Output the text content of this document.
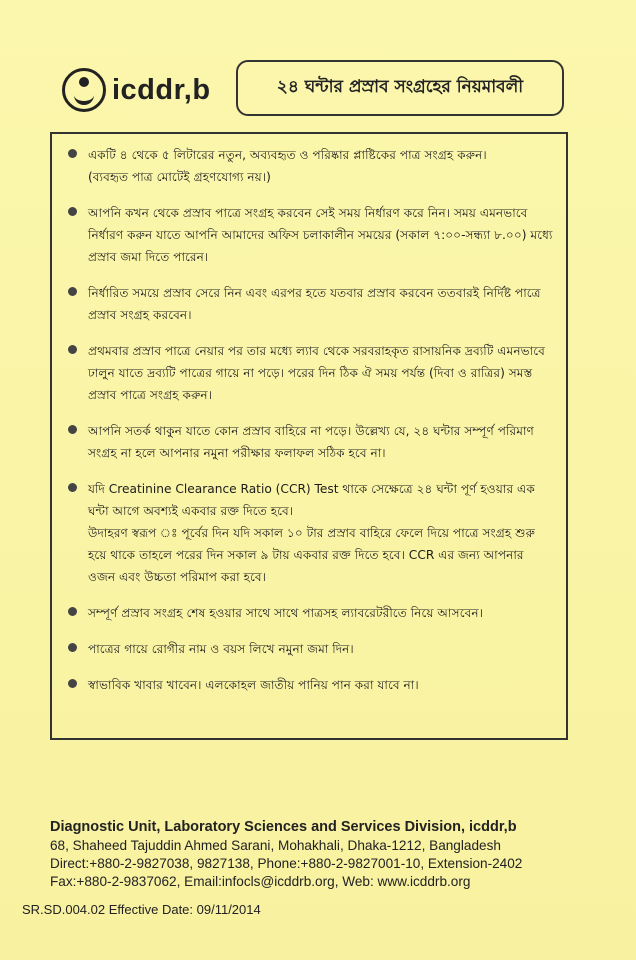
icddr,b	২৪ ঘন্টার প্রস্রাব সংগ্রহের নিয়মাবলী
একটি ৪ থেকে ৫ লিটারের নতুন, অব্যবহৃত ও পরিষ্কার প্লাষ্টিকের পাত্র সংগ্রহ করুন।
(ব্যবহৃত পাত্র মোটেই গ্রহণযোগ্য নয়।)
আপনি কখন থেকে প্রস্রাব পাত্রে সংগ্রহ করবেন সেই সময় নির্ধারণ করে নিন। সময় এমনভাবে নির্ধারণ করুন যাতে আপনি আমাদের অফিস চলাকালীন সময়ের (সকাল ৭:০০-সন্ধ্যা ৮.০০) মধ্যে প্রস্রাব জমা দিতে পারেন।
নির্ধারিত সময়ে প্রস্রাব সেরে নিন এবং এরপর হতে যতবার প্রস্রাব করবেন ততবারই নির্দিষ্ট পাত্রে প্রস্রাব সংগ্রহ করবেন।
প্রথমবার প্রস্রাব পাত্রে নেয়ার পর তার মধ্যে ল্যাব থেকে সরবরাহকৃত রাসায়নিক দ্রব্যটি এমনভাবে ঢালুন যাতে দ্রব্যটি পাত্রের গায়ে না পড়ে। পরের দিন ঠিক ঐ সময় পর্যন্ত (দিবা ও রাত্রির) সমস্ত প্রস্রাব পাত্রে সংগ্রহ করুন।
আপনি সতর্ক থাকুন যাতে কোন প্রস্রাব বাহিরে না পড়ে। উল্লেখ্য যে, ২৪ ঘন্টার সম্পূর্ণ পরিমাণ সংগ্রহ না হলে আপনার নমুনা পরীক্ষার ফলাফল সঠিক হবে না।
যদি Creatinine Clearance Ratio (CCR) Test থাকে সেক্ষেত্রে ২৪ ঘন্টা পূর্ণ হওয়ার এক ঘন্টা আগে অবশ্যই একবার রক্ত দিতে হবে।
উদাহরণ স্বরূপ ঃ পূর্বের দিন যদি সকাল ১০ টার প্রস্রাব বাহিরে ফেলে দিয়ে পাত্রে সংগ্রহ শুরু হয়ে থাকে তাহলে পরের দিন সকাল ৯ টায় একবার রক্ত দিতে হবে। CCR এর জন্য আপনার ওজন এবং উচ্চতা পরিমাপ করা হবে।
সম্পূর্ণ প্রস্রাব সংগ্রহ শেষ হওয়ার সাথে সাথে পাত্রসহ ল্যাবরেটরীতে নিয়ে আসবেন।
পাত্রের গায়ে রোগীর নাম ও বয়স লিখে নমুনা জমা দিন।
স্বাভাবিক খাবার খাবেন। এলকোহল জাতীয় পানিয় পান করা যাবে না।
Diagnostic Unit, Laboratory Sciences and Services Division, icddr,b
68, Shaheed Tajuddin Ahmed Sarani, Mohakhali, Dhaka-1212, Bangladesh
Direct:+880-2-9827038, 9827138, Phone:+880-2-9827001-10, Extension-2402
Fax:+880-2-9837062, Email:infocls@icddrb.org, Web: www.icddrb.org
SR.SD.004.02 Effective Date: 09/11/2014
